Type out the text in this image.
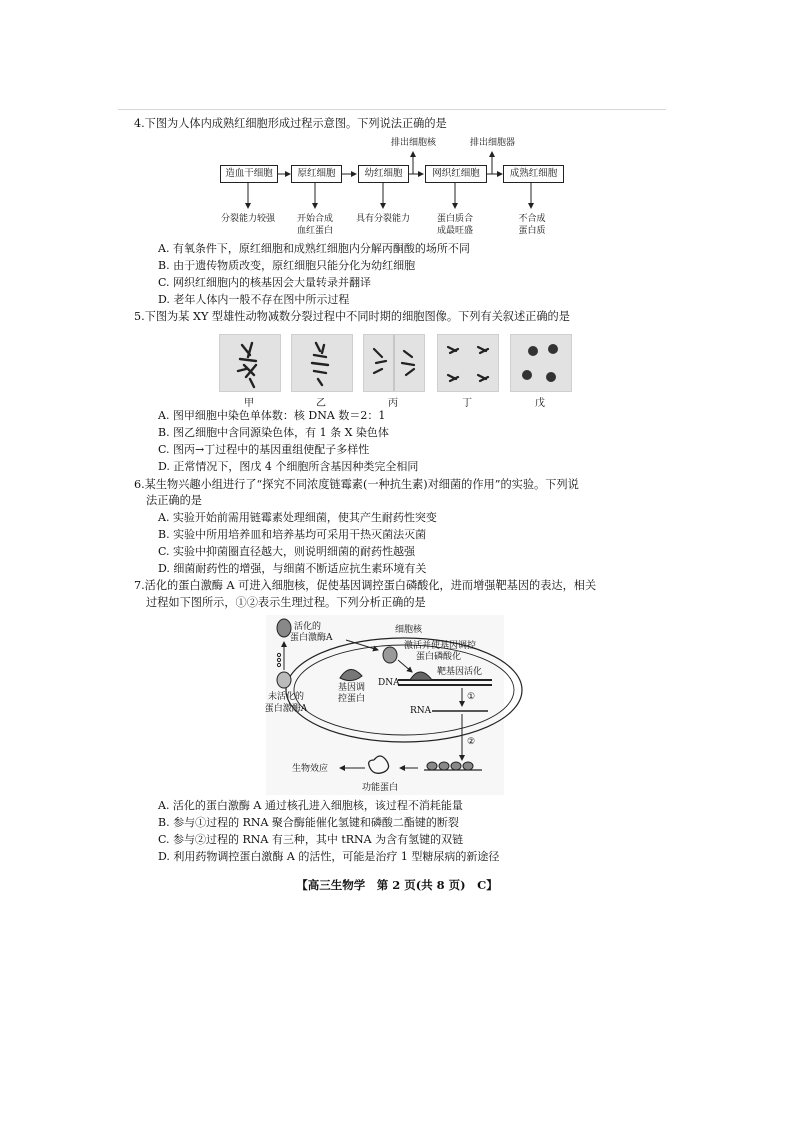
4.下图为人体内成熟红细胞形成过程示意图。下列说法正确的是
造血干细胞	原红细胞	幼红细胞	网织红细胞	成熟红细胞
排出细胞核	排出细胞器
分裂能力较强	开始合成
血红蛋白
具有分裂能力	蛋白质合
成最旺盛
不合成
蛋白质
A. 有氧条件下，原红细胞和成熟红细胞内分解丙酮酸的场所不同
B. 由于遗传物质改变，原红细胞只能分化为幼红细胞
C. 网织红细胞内的核基因会大量转录并翻译
D. 老年人体内一般不存在图中所示过程
5.下图为某 XY 型雄性动物减数分裂过程中不同时期的细胞图像。下列有关叙述正确的是
甲	乙	丙	丁	戊
A. 图甲细胞中染色单体数：核 DNA 数＝2：1
B. 图乙细胞中含同源染色体，有 1 条 X 染色体
C. 图丙→丁过程中的基因重组使配子多样性
D. 正常情况下，图戊 4 个细胞所含基因种类完全相同
6.某生物兴趣小组进行了“探究不同浓度链霉素(一种抗生素)对细菌的作用”的实验。下列说
法正确的是
A. 实验开始前需用链霉素处理细菌，使其产生耐药性突变
B. 实验中所用培养皿和培养基均可采用干热灭菌法灭菌
C. 实验中抑菌圈直径越大，则说明细菌的耐药性越强
D. 细菌耐药性的增强，与细菌不断适应抗生素环境有关
7.活化的蛋白激酶 A 可进入细胞核，促使基因调控蛋白磷酸化，进而增强靶基因的表达，相关
过程如下图所示，①②表示生理过程。下列分析正确的是
活化的
蛋白激酶A
未活化的
蛋白激酶A
细胞核
激活并使基因调控
蛋白磷酸化
靶基因活化
基因调
控蛋白
DNA
RNA
①
②
生物效应
功能蛋白
A. 活化的蛋白激酶 A 通过核孔进入细胞核，该过程不消耗能量
B. 参与①过程的 RNA 聚合酶能催化氢键和磷酸二酯键的断裂
C. 参与②过程的 RNA 有三种，其中 tRNA 为含有氢键的双链
D. 利用药物调控蛋白激酶 A 的活性，可能是治疗 1 型糖尿病的新途径
【高三生物学　第 2 页(共 8 页)　C】
